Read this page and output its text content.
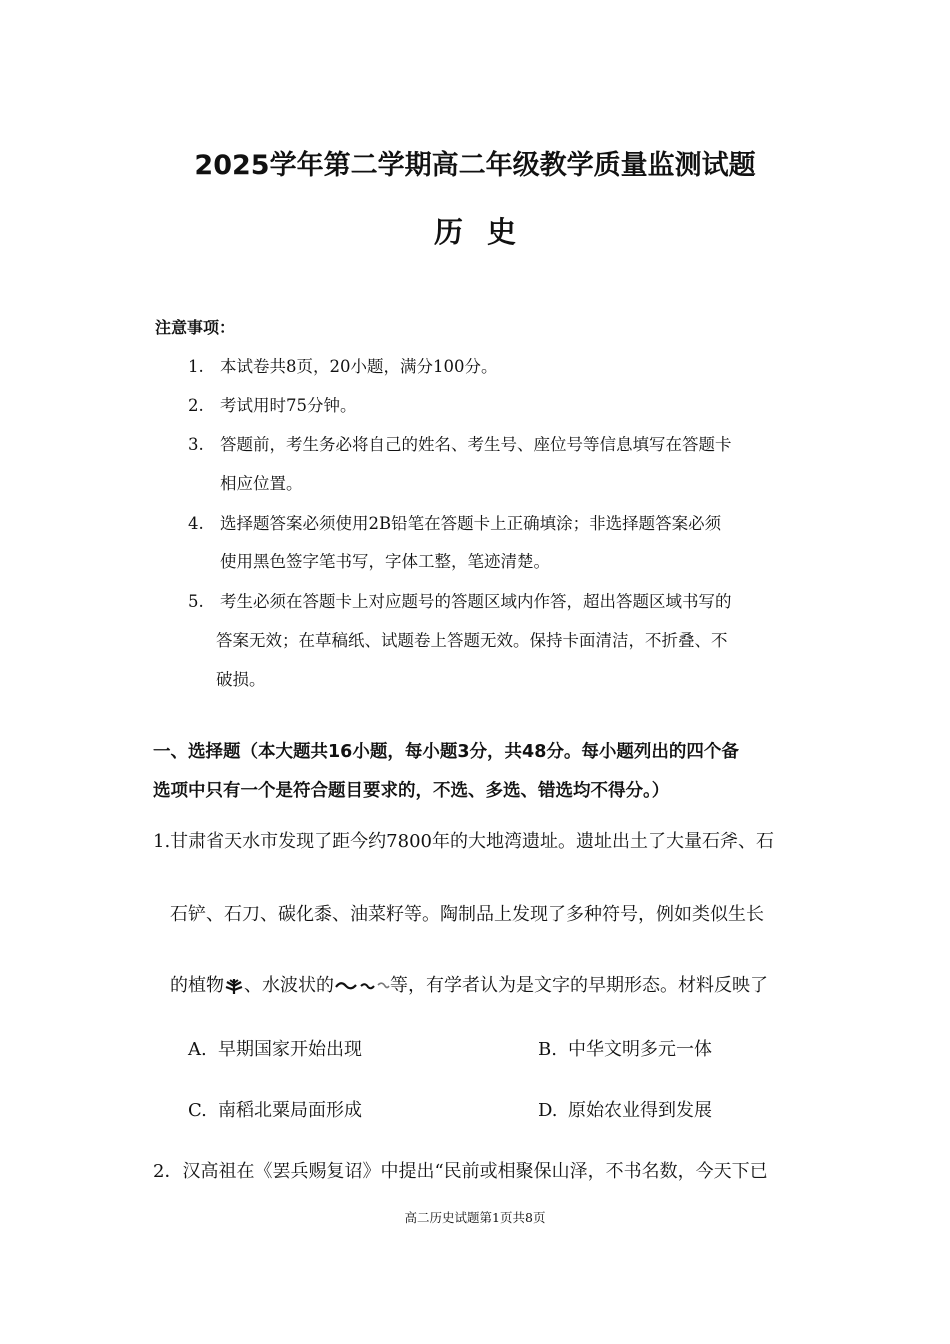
2025学年第二学期高二年级教学质量监测试题
历 史
注意事项：
1. 本试卷共8页，20小题，满分100分。
2. 考试用时75分钟。
3. 答题前，考生务必将自己的姓名、考生号、座位号等信息填写在答题卡
相应位置。
4. 选择题答案必须使用2B铅笔在答题卡上正确填涂；非选择题答案必须
使用黑色签字笔书写，字体工整，笔迹清楚。
5. 考生必须在答题卡上对应题号的答题区域内作答，超出答题区域书写的
答案无效；在草稿纸、试题卷上答题无效。保持卡面清洁，不折叠、不
破损。
一、选择题（本大题共16小题，每小题3分，共48分。每小题列出的四个备
选项中只有一个是符合题目要求的，不选、多选、错选均不得分。）
1.甘肃省天水市发现了距今约7800年的大地湾遗址。遗址出土了大量石斧、石
石铲、石刀、碳化黍、油菜籽等。陶制品上发现了多种符号，例如类似生长
的植物 、水波状的	等，有学者认为是文字的早期形态。材料反映了
A. 早期国家开始出现	B. 中华文明多元一体
C. 南稻北粟局面形成	D. 原始农业得到发展
2．汉高祖在《罢兵赐复诏》中提出“民前或相聚保山泽，不书名数，今天下已
高二历史试题第1页共8页
